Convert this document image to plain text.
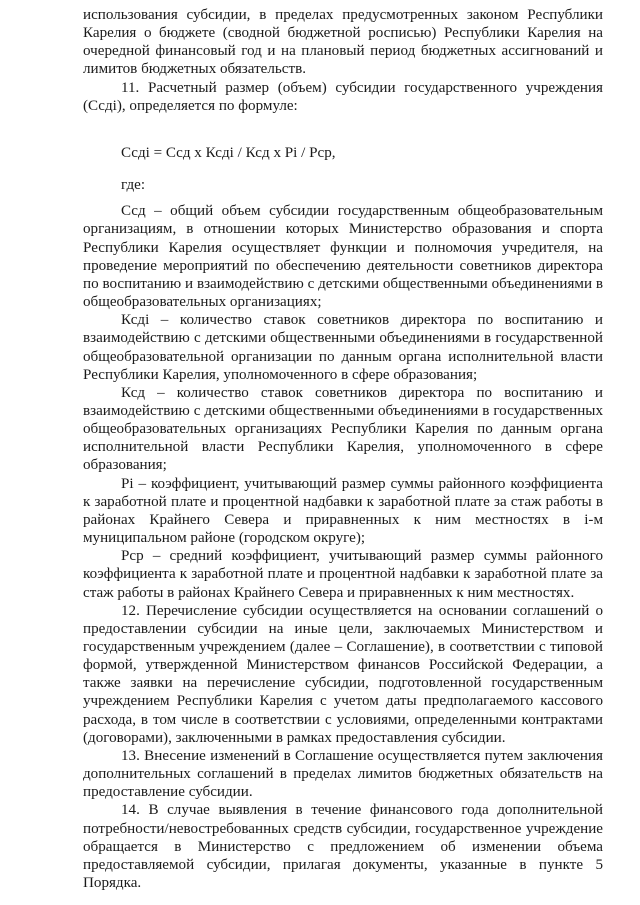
использования субсидии, в пределах предусмотренных законом Республики Карелия о бюджете (сводной бюджетной росписью) Республики Карелия на очередной финансовый год и на плановый период бюджетных ассигнований и лимитов бюджетных обязательств.

11. Расчетный размер (объем) субсидии государственного учреждения (Ссдi), определяется по формуле:

Ссдi = Ссд х Ксдi / Ксд х Рi / Рср,

где:

Ссд – общий объем субсидии государственным общеобразовательным организациям, в отношении которых Министерство образования и спорта Республики Карелия осуществляет функции и полномочия учредителя, на проведение мероприятий по обеспечению деятельности советников директора по воспитанию и взаимодействию с детскими общественными объединениями в общеобразовательных организациях;

Ксдi – количество ставок советников директора по воспитанию и взаимодействию с детскими общественными объединениями в государственной общеобразовательной организации по данным органа исполнительной власти Республики Карелия, уполномоченного в сфере образования;

Ксд – количество ставок советников директора по воспитанию и взаимодействию с детскими общественными объединениями в государственных общеобразовательных организациях Республики Карелия по данным органа исполнительной власти Республики Карелия, уполномоченного в сфере образования;

Рi – коэффициент, учитывающий размер суммы районного коэффициента к заработной плате и процентной надбавки к заработной плате за стаж работы в районах Крайнего Севера и приравненных к ним местностях в i-м муниципальном районе (городском округе);

Рср – средний коэффициент, учитывающий размер суммы районного коэффициента к заработной плате и процентной надбавки к заработной плате за стаж работы в районах Крайнего Севера и приравненных к ним местностях.

12. Перечисление субсидии осуществляется на основании соглашений о предоставлении субсидии на иные цели, заключаемых Министерством и государственным учреждением (далее – Соглашение), в соответствии с типовой формой, утвержденной Министерством финансов Российской Федерации, а также заявки на перечисление субсидии, подготовленной государственным учреждением Республики Карелия с учетом даты предполагаемого кассового расхода, в том числе в соответствии с условиями, определенными контрактами (договорами), заключенными в рамках предоставления субсидии.

13. Внесение изменений в Соглашение осуществляется путем заключения дополнительных соглашений в пределах лимитов бюджетных обязательств на предоставление субсидии.

14. В случае выявления в течение финансового года дополнительной потребности/невостребованных средств субсидии, государственное учреждение обращается в Министерство с предложением об изменении объема предоставляемой субсидии, прилагая документы, указанные в пункте 5 Порядка.
